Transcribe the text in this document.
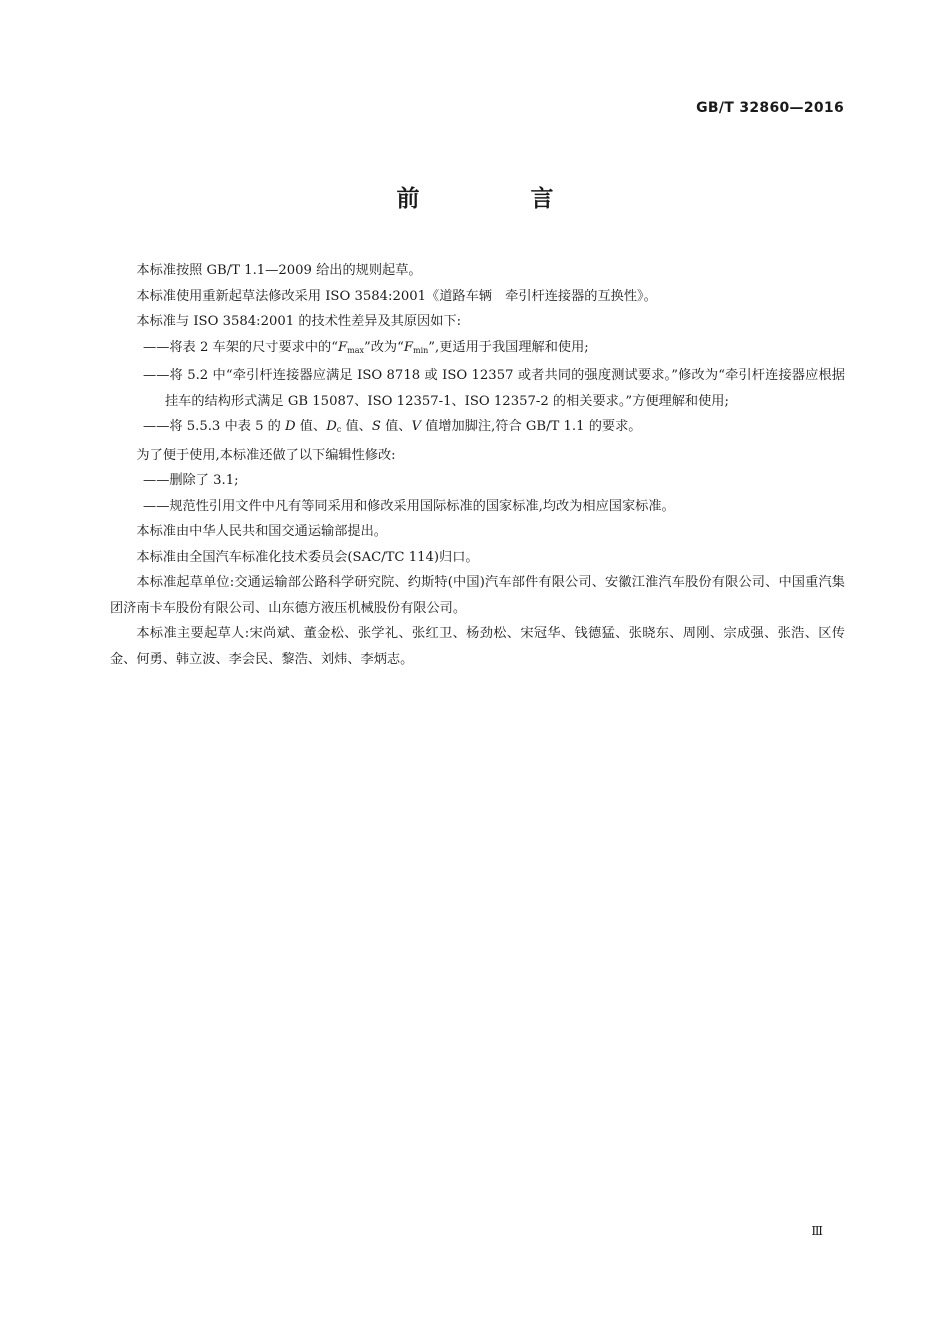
GB/T 32860—2016
前　言

本标准按照 GB/T 1.1—2009 给出的规则起草。

本标准使用重新起草法修改采用 ISO 3584:2001《道路车辆　牵引杆连接器的互换性》。

本标准与 ISO 3584:2001 的技术性差异及其原因如下:

——将表 2 车架的尺寸要求中的“$F_{max}$”改为“$F_{min}$”,更适用于我国理解和使用;

——将 5.2 中“牵引杆连接器应满足 ISO 8718 或 ISO 12357 或者共同的强度测试要求。”修改为“牵引杆连接器应根据挂车的结构形式满足 GB 15087、ISO 12357-1、ISO 12357-2 的相关要求。”方便理解和使用;

——将 5.5.3 中表 5 的 D 值、$D_c$ 值、S 值、V 值增加脚注,符合 GB/T 1.1 的要求。

为了便于使用,本标准还做了以下编辑性修改:

——删除了 3.1;

——规范性引用文件中凡有等同采用和修改采用国际标准的国家标准,均改为相应国家标准。

本标准由中华人民共和国交通运输部提出。

本标准由全国汽车标准化技术委员会(SAC/TC 114)归口。

本标准起草单位:交通运输部公路科学研究院、约斯特(中国)汽车部件有限公司、安徽江淮汽车股份有限公司、中国重汽集团济南卡车股份有限公司、山东德方液压机械股份有限公司。

本标准主要起草人:宋尚斌、董金松、张学礼、张红卫、杨劲松、宋冠华、钱德猛、张晓东、周刚、宗成强、张浩、区传金、何勇、韩立波、李会民、黎浩、刘炜、李炳志。

Ⅲ
